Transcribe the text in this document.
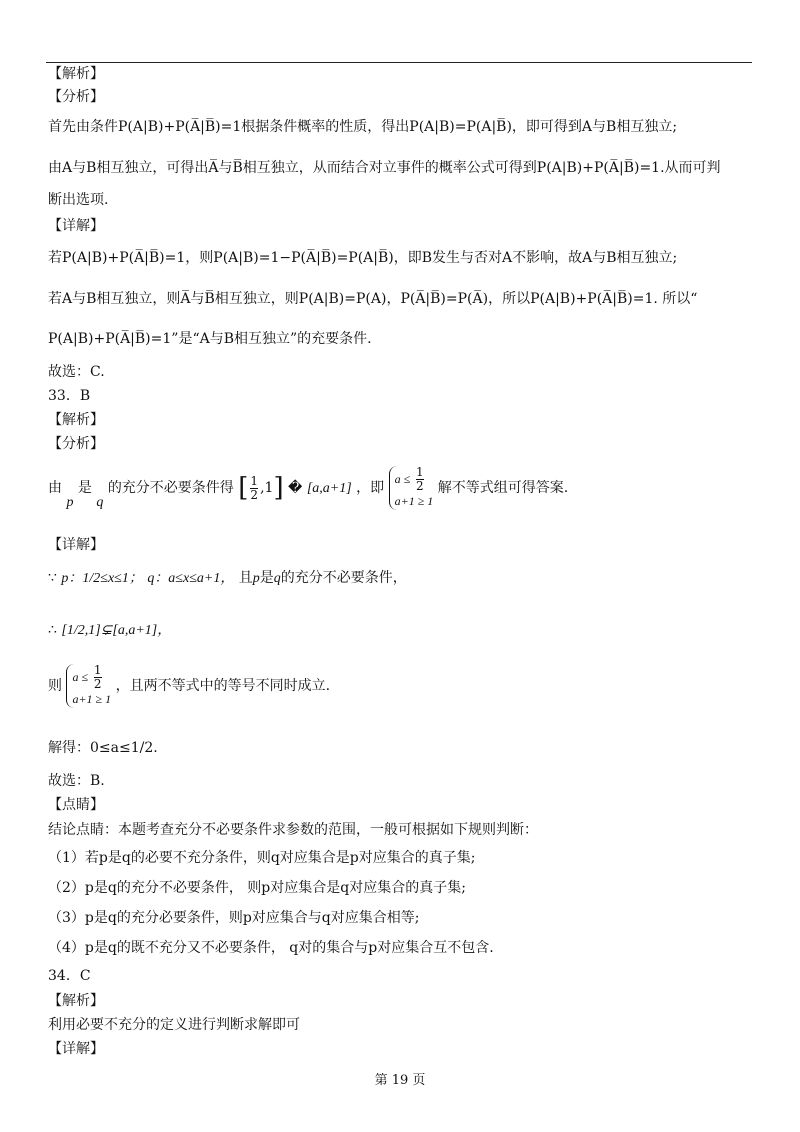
【解析】
【分析】
首先由条件P(A|B)+P(A̅|B̅)=1根据条件概率的性质，得出P(A|B)=P(A|B̅)，即可得到A与B相互独立;
由A与B相互独立，可得出A̅与B̅相互独立，从而结合对立事件的概率公式可得到P(A|B)+P(A̅|B̅)=1.从而可判
断出选项.
【详解】
若P(A|B)+P(A̅|B̅)=1，则P(A|B)=1−P(A̅|B̅)=P(A|B̅)，即B发生与否对A不影响，故A与B相互独立;
若A与B相互独立，则A̅与B̅相互独立，则P(A|B)=P(A)，P(A̅|B̅)=P(A̅)，所以P(A|B)+P(A̅|B̅)=1. 所以“
P(A|B)+P(A̅|B̅)=1”是“A与B相互独立”的充要条件.
故选：C.
33．B
【解析】
【分析】
由 p 是 q 的充分不必要条件得 [ $\frac{1}{2} ,1$] � [a,a+1] ，即 $a \le \frac{1}{2}$

a+1 ≥ 1 解不等式组可得答案.
【详解】
∵ p：1/2≤x≤1； q：a≤x≤a+1， 且p是q的充分不必要条件，
∴ [1/2,1]⊊[a,a+1]，
则 $a \le \frac{1}{2}$

a+1 ≥ 1 ，且两不等式中的等号不同时成立.
解得：0≤a≤1/2.
故选：B.
【点睛】
结论点睛：本题考查充分不必要条件求参数的范围，一般可根据如下规则判断：
（1）若p是q的必要不充分条件，则q对应集合是p对应集合的真子集;
（2）p是q的充分不必要条件， 则p对应集合是q对应集合的真子集;
（3）p是q的充分必要条件，则p对应集合与q对应集合相等;
（4）p是q的既不充分又不必要条件， q对的集合与p对应集合互不包含.
34．C
【解析】
利用必要不充分的定义进行判断求解即可
【详解】
第 19 页
